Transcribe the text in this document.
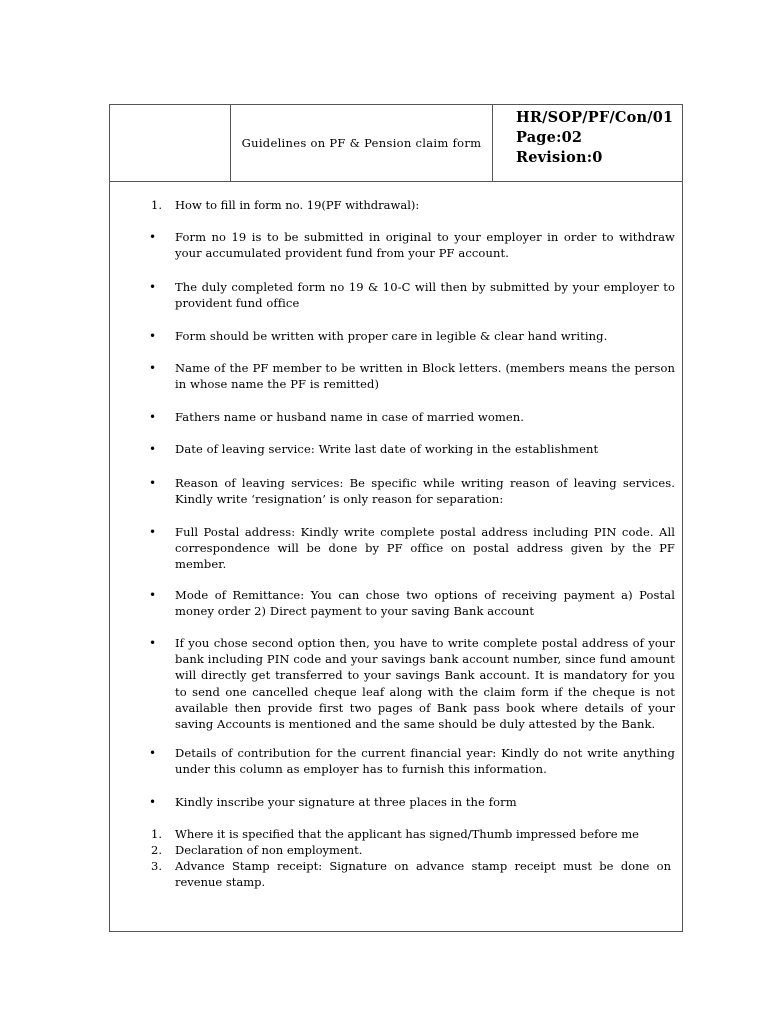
Guidelines on PF & Pension claim form
HR/SOP/PF/Con/01
Page:02
Revision:0
1.	How to fill in form no. 19(PF withdrawal):
•	Form no 19 is to be submitted in original to your employer in order to withdraw your accumulated provident fund from your PF account.
•	The duly completed form no 19 & 10-C will then by submitted by your employer to provident fund office
•	Form should be written with proper care in legible & clear hand writing.
•	Name of the PF member to be written in Block letters. (members means the person in whose name the PF is remitted)
•	Fathers name or husband name in case of married women.
•	Date of leaving service: Write last date of working in the establishment
•	Reason of leaving services: Be specific while writing reason of leaving services. Kindly write ‘resignation’ is only reason for separation:
•	Full Postal address: Kindly write complete postal address including PIN code. All correspondence will be done by PF office on postal address given by the PF member.
•	Mode of Remittance: You can chose two options of receiving payment a) Postal money order 2) Direct payment to your saving Bank account
•	If you chose second option then, you have to write complete postal address of your bank including PIN code and your savings bank account number, since fund amount will directly get transferred to your savings Bank account. It is mandatory for you to send one cancelled cheque leaf along with the claim form if the cheque is not available then provide first two pages of Bank pass book where details of your saving Accounts is mentioned and the same should be duly attested by the Bank.
•	Details of contribution for the current financial year: Kindly do not write anything under this column as employer has to furnish this information.
•	Kindly inscribe your signature at three places in the form
1.	Where it is specified that the applicant has signed/Thumb impressed before me
2.	Declaration of non employment.
3.	Advance Stamp receipt: Signature on advance stamp receipt must be done on revenue stamp.
